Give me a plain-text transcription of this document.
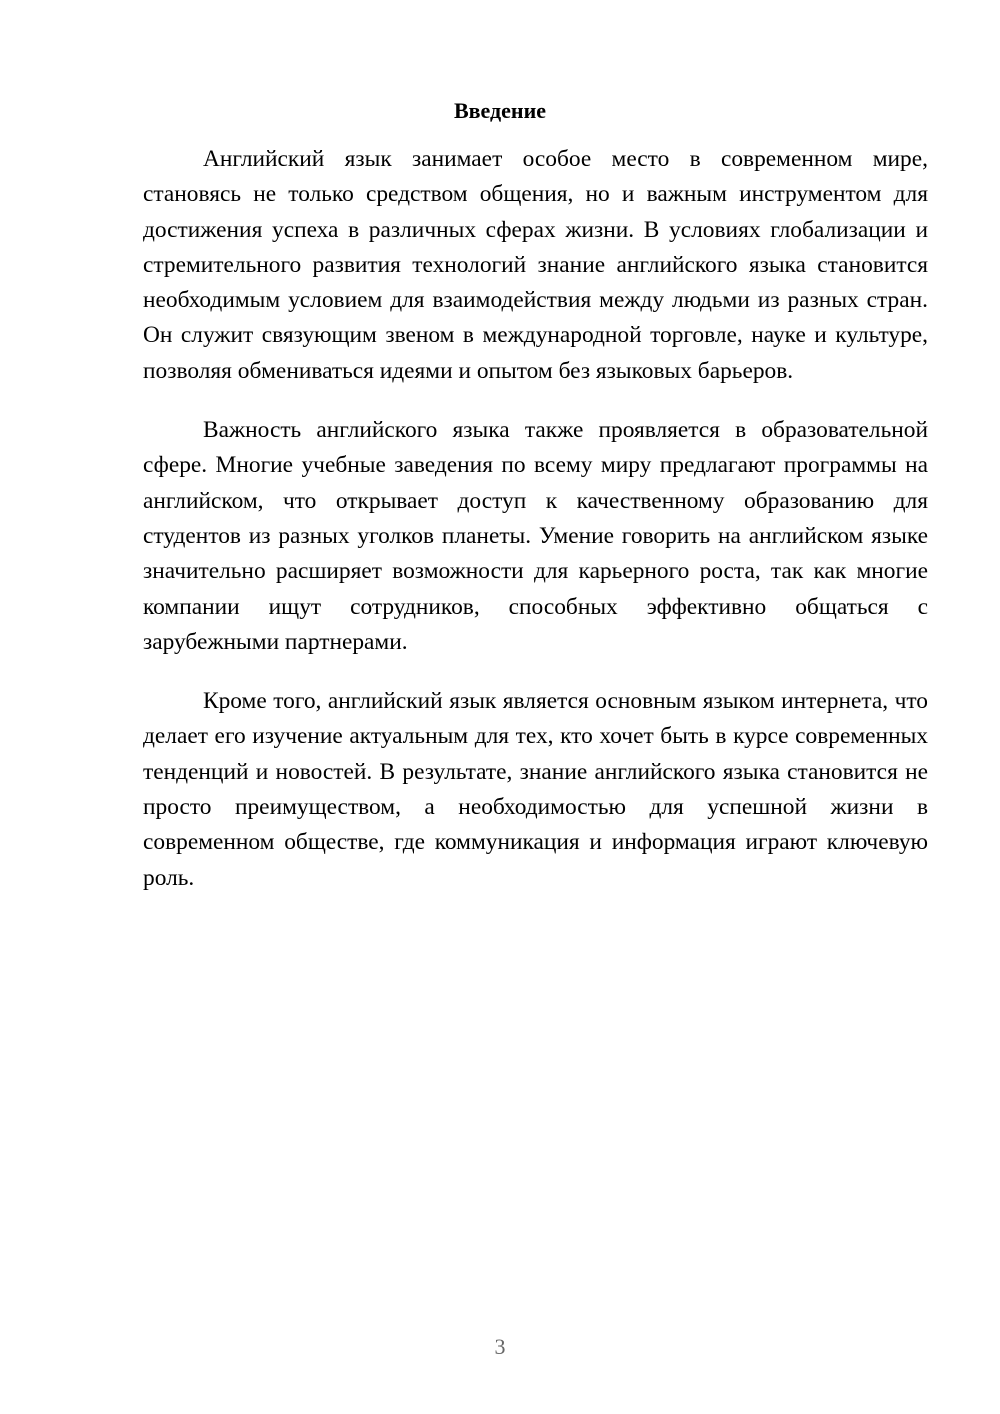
Введение

Английский язык занимает особое место в современном мире, становясь не только средством общения, но и важным инструментом для достижения успеха в различных сферах жизни. В условиях глобализации и стремительного развития технологий знание английского языка становится необходимым условием для взаимодействия между людьми из разных стран. Он служит связующим звеном в международной торговле, науке и культуре, позволяя обмениваться идеями и опытом без языковых барьеров.

Важность английского языка также проявляется в образовательной сфере. Многие учебные заведения по всему миру предлагают программы на английском, что открывает доступ к качественному образованию для студентов из разных уголков планеты. Умение говорить на английском языке значительно расширяет возможности для карьерного роста, так как многие компании ищут сотрудников, способных эффективно общаться с зарубежными партнерами.

Кроме того, английский язык является основным языком интернета, что делает его изучение актуальным для тех, кто хочет быть в курсе современных тенденций и новостей. В результате, знание английского языка становится не просто преимуществом, а необходимостью для успешной жизни в современном обществе, где коммуникация и информация играют ключевую роль.

3
